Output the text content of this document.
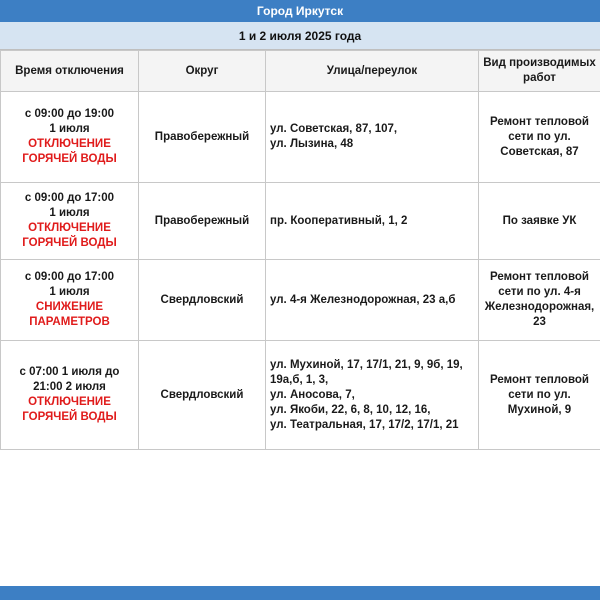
Город Иркутск
1 и 2 июля 2025 года
Время отключения	Округ	Улица/переулок	Вид производимых работ

с 09:00 до 19:00
1 июля
ОТКЛЮЧЕНИЕ
ГОРЯЧЕЙ ВОДЫ	Правобережный	ул. Советская, 87, 107,
ул. Лызина, 48	Ремонт тепловой сети по ул. Советская, 87

с 09:00 до 17:00
1 июля
ОТКЛЮЧЕНИЕ
ГОРЯЧЕЙ ВОДЫ	Правобережный	пр. Кооперативный, 1, 2	По заявке УК

с 09:00 до 17:00
1 июля
СНИЖЕНИЕ
ПАРАМЕТРОВ	Свердловский	ул. 4-я Железнодорожная, 23 а,б	Ремонт тепловой сети по ул. 4-я Железнодорожная, 23

с 07:00 1 июля до
21:00 2 июля
ОТКЛЮЧЕНИЕ
ГОРЯЧЕЙ ВОДЫ	Свердловский	ул. Мухиной, 17, 17/1, 21, 9, 9б, 19,
19а,б, 1, 3,
ул. Аносова, 7,
ул. Якоби, 22, 6, 8, 10, 12, 16,
ул. Театральная, 17, 17/2, 17/1, 21	Ремонт тепловой сети по ул. Мухиной, 9
